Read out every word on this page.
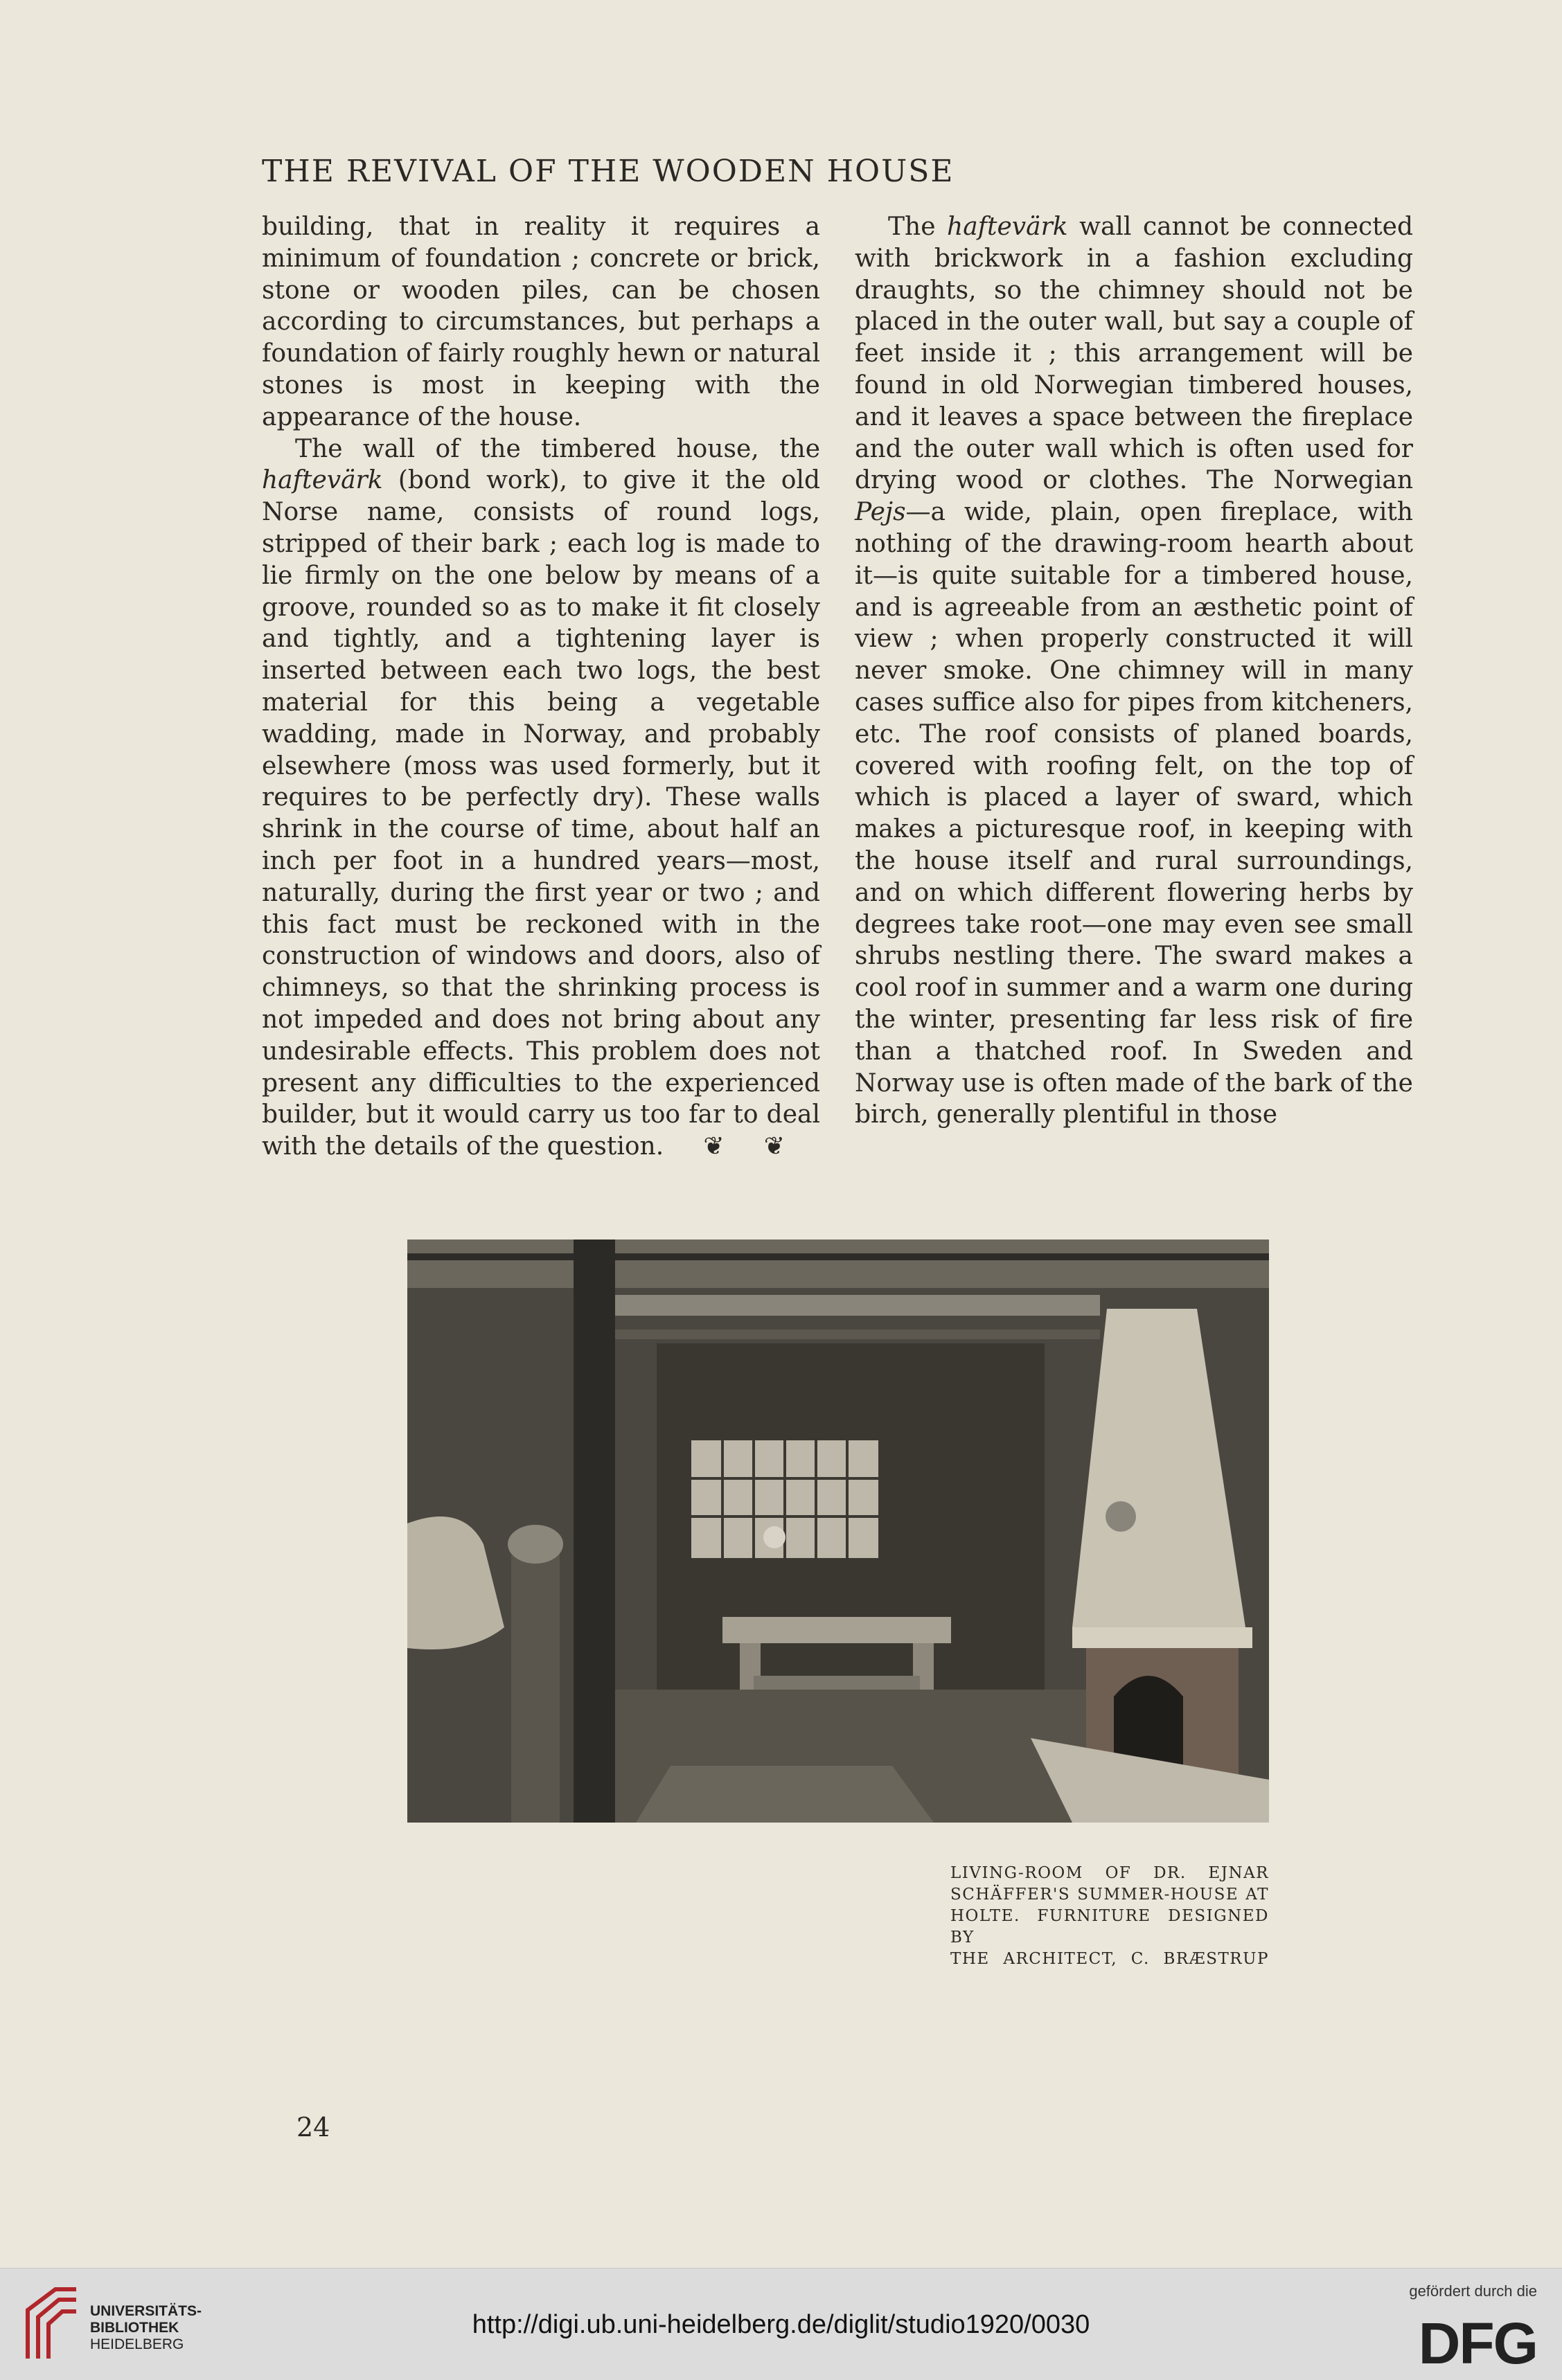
THE REVIVAL OF THE WOODEN HOUSE

building, that in reality it requires a minimum of foundation ; concrete or brick, stone or wooden piles, can be chosen according to circumstances, but perhaps a foundation of fairly roughly hewn or natural stones is most in keeping with the appearance of the house.

The wall of the timbered house, the haftevärk (bond work), to give it the old Norse name, consists of round logs, stripped of their bark ; each log is made to lie firmly on the one below by means of a groove, rounded so as to make it fit closely and tightly, and a tightening layer is inserted between each two logs, the best material for this being a vegetable wadding, made in Norway, and probably elsewhere (moss was used formerly, but it requires to be perfectly dry). These walls shrink in the course of time, about half an inch per foot in a hundred years—most, naturally, during the first year or two ; and this fact must be reckoned with in the construction of windows and doors, also of chimneys, so that the shrinking process is not impeded and does not bring about any undesirable effects. This problem does not present any difficulties to the experienced builder, but it would carry us too far to deal with the details of the question.     ❦     ❦

The haftevärk wall cannot be connected with brickwork in a fashion excluding draughts, so the chimney should not be placed in the outer wall, but say a couple of feet inside it ; this arrangement will be found in old Norwegian timbered houses, and it leaves a space between the fireplace and the outer wall which is often used for drying wood or clothes. The Norwegian Pejs—a wide, plain, open fireplace, with nothing of the drawing-room hearth about it—is quite suitable for a timbered house, and is agreeable from an æsthetic point of view ; when properly constructed it will never smoke. One chimney will in many cases suffice also for pipes from kitcheners, etc. The roof consists of planed boards, covered with roofing felt, on the top of which is placed a layer of sward, which makes a picturesque roof, in keeping with the house itself and rural surroundings, and on which different flowering herbs by degrees take root—one may even see small shrubs nestling there. The sward makes a cool roof in summer and a warm one during the winter, presenting far less risk of fire than a thatched roof. In Sweden and Norway use is often made of the bark of the birch, generally plentiful in those

LIVING-ROOM OF DR. EJNAR
SCHÄFFER'S SUMMER-HOUSE AT
HOLTE. FURNITURE DESIGNED BY
THE ARCHITECT, C. BRÆSTRUP
24
UNIVERSITÄTS-
BIBLIOTHEK
HEIDELBERG
http://digi.ub.uni-heidelberg.de/diglit/studio1920/0030
gefördert durch die
DFG
